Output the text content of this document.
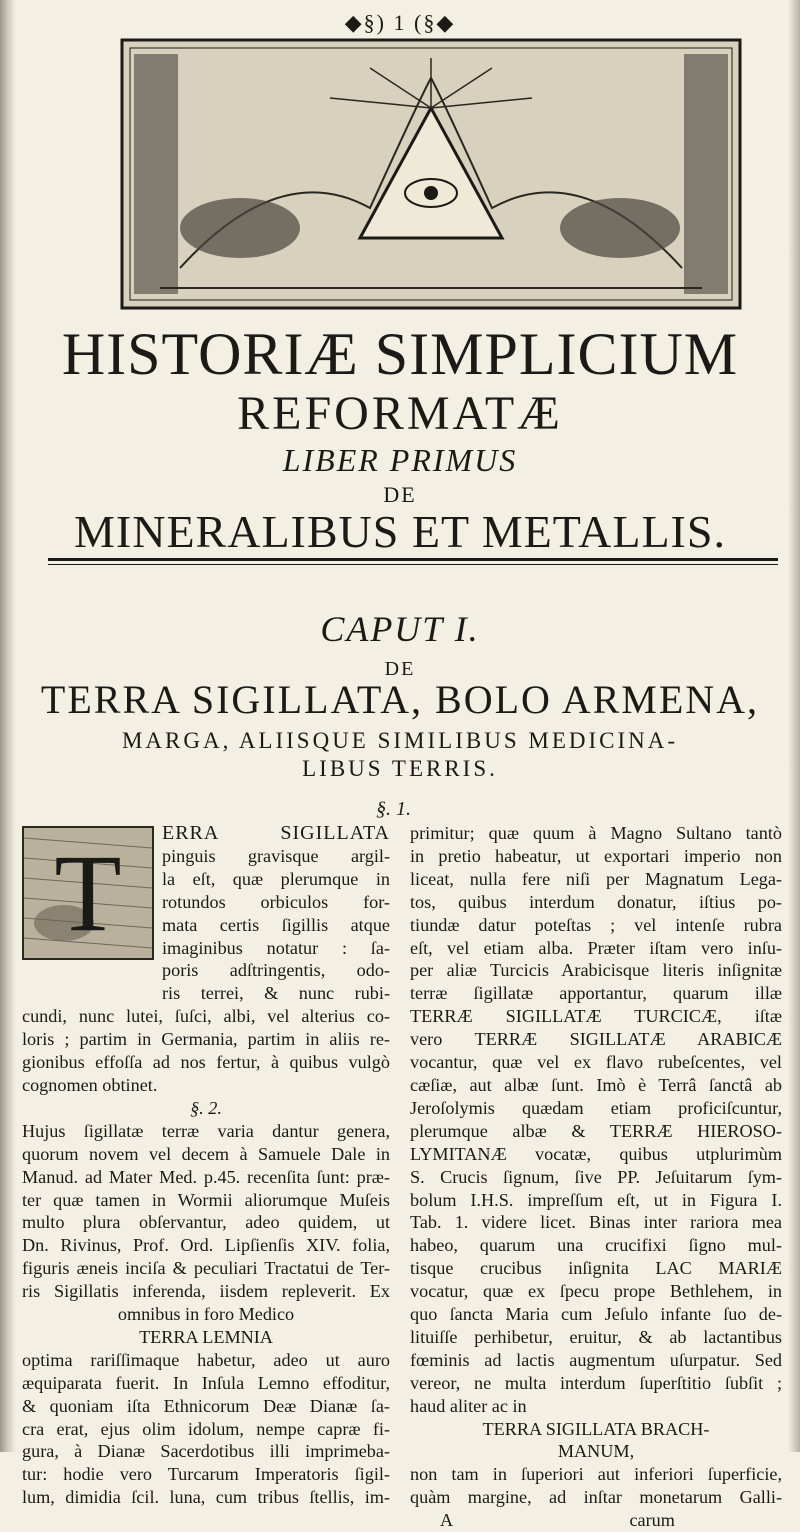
◆§) 1 (§◆
HISTORIÆ SIMPLICIUM
REFORMATÆ
LIBER PRIMUS
DE
MINERALIBUS ET METALLIS.
CAPUT I.
DE
TERRA SIGILLATA, BOLO ARMENA,
MARGA, ALIISQUE SIMILIBUS MEDICINA-
LIBUS TERRIS.
§. 1.
T	ERRA SIGILLATA
pinguis gravisque argil-
la eſt, quæ plerumque in
rotundos orbiculos for-
mata certis ſigillis atque
imaginibus notatur : ſa-
poris adſtringentis, odo-
ris terrei, & nunc rubi-
cundi, nunc lutei, ſuſci, albi, vel alterius co-
loris ; partim in Germania, partim in aliis re-
gionibus effoſſa ad nos fertur, à quibus vulgò
cognomen obtinet.
§. 2.
Hujus ſigillatæ terræ varia dantur genera,
quorum novem vel decem à Samuele Dale in
Manud. ad Mater Med. p.45. recenſita ſunt: præ-
ter quæ tamen in Wormii aliorumque Muſeis
multo plura obſervantur, adeo quidem, ut
Dn. Rivinus, Prof. Ord. Lipſienſis XIV. folia,
figuris æneis inciſa & peculiari Tractatui de Ter-
ris Sigillatis inferenda, iisdem repleverit. Ex
omnibus in foro Medico
TERRA LEMNIA
optima rariſſimaque habetur, adeo ut auro
æquiparata fuerit. In Inſula Lemno effoditur,
& quoniam iſta Ethnicorum Deæ Dianæ ſa-
cra erat, ejus olim idolum, nempe capræ fi-
gura, à Dianæ Sacerdotibus illi imprimeba-
tur: hodie vero Turcarum Imperatoris ſigil-
lum, dimidia ſcil. luna, cum tribus ſtellis, im-
primitur; quæ quum à Magno Sultano tantò
in pretio habeatur, ut exportari imperio non
liceat, nulla fere niſi per Magnatum Lega-
tos, quibus interdum donatur, iſtius po-
tiundæ datur poteſtas ; vel intenſe rubra
eſt, vel etiam alba. Præter iſtam vero inſu-
per aliæ Turcicis Arabicisque literis inſignitæ
terræ ſigillatæ apportantur, quarum illæ
TERRÆ SIGILLATÆ TURCICÆ, iſtæ
vero TERRÆ SIGILLATÆ ARABICÆ
vocantur, quæ vel ex flavo rubeſcentes, vel
cæſiæ, aut albæ ſunt. Imò è Terrâ ſanctâ ab
Jeroſolymis quædam etiam proficiſcuntur,
plerumque albæ & TERRÆ HIEROSO-
LYMITANÆ vocatæ, quibus utplurimùm
S. Crucis ſignum, ſive PP. Jeſuitarum ſym-
bolum I.H.S. impreſſum eſt, ut in Figura I.
Tab. 1. videre licet. Binas inter rariora mea
habeo, quarum una crucifixi ſigno mul-
tisque crucibus inſignita LAC MARIÆ
vocatur, quæ ex ſpecu prope Bethlehem, in
quo ſancta Maria cum Jeſulo infante ſuo de-
lituiſſe perhibetur, eruitur, & ab lactantibus
fœminis ad lactis augmentum uſurpatur. Sed
vereor, ne multa interdum ſuperſtitio ſubſit ;
haud aliter ac in
TERRA SIGILLATA BRACH-
MANUM,
non tam in ſuperiori aut inferiori ſuperficie,
quàm margine, ad inſtar monetarum Galli-
A                                       carum
